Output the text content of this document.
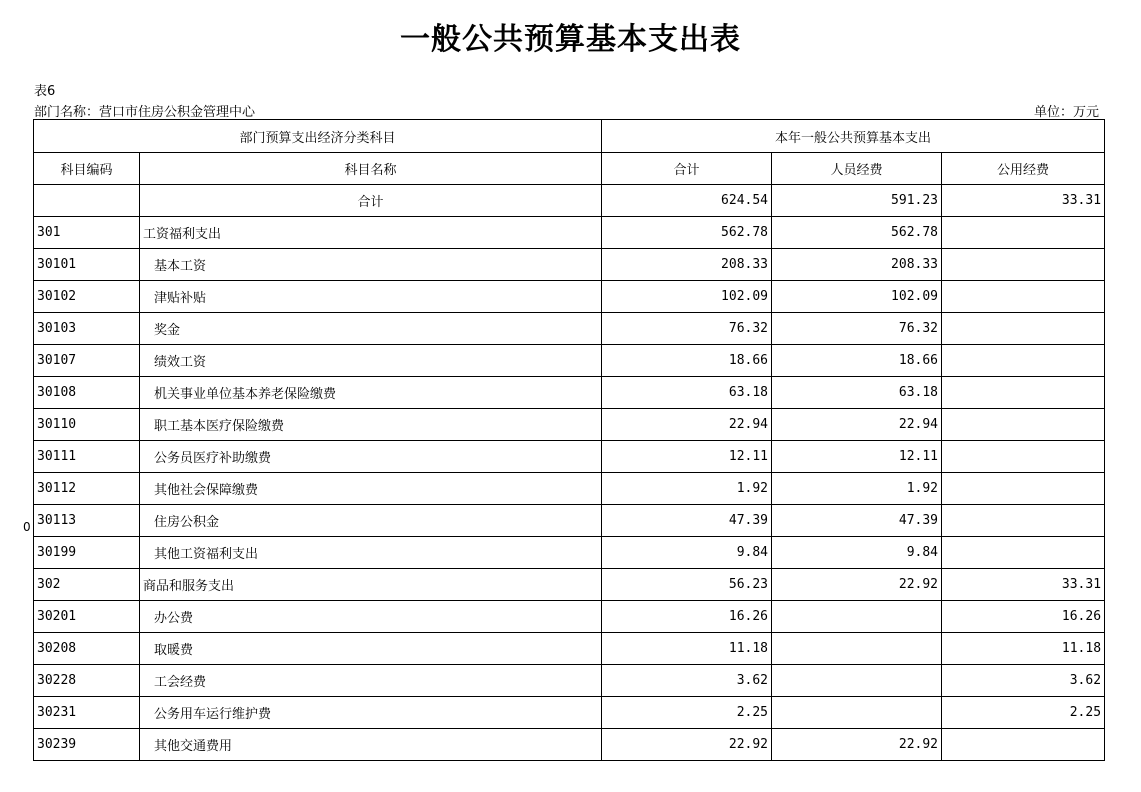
一般公共预算基本支出表
表6
部门名称：营口市住房公积金管理中心	单位：万元
0
部门预算支出经济分类科目		本年一般公共预算基本支出		
科目编码	科目名称	合计	人员经费	公用经费
	合计	624.54	591.23	33.31
301	工资福利支出	562.78	562.78	
30101	基本工资	208.33	208.33	
30102	津贴补贴	102.09	102.09	
30103	奖金	76.32	76.32	
30107	绩效工资	18.66	18.66	
30108	机关事业单位基本养老保险缴费	63.18	63.18	
30110	职工基本医疗保险缴费	22.94	22.94	
30111	公务员医疗补助缴费	12.11	12.11	
30112	其他社会保障缴费	1.92	1.92	
30113	住房公积金	47.39	47.39	
30199	其他工资福利支出	9.84	9.84	
302	商品和服务支出	56.23	22.92	33.31
30201	办公费	16.26		16.26
30208	取暖费	11.18		11.18
30228	工会经费	3.62		3.62
30231	公务用车运行维护费	2.25		2.25
30239	其他交通费用	22.92	22.92	
